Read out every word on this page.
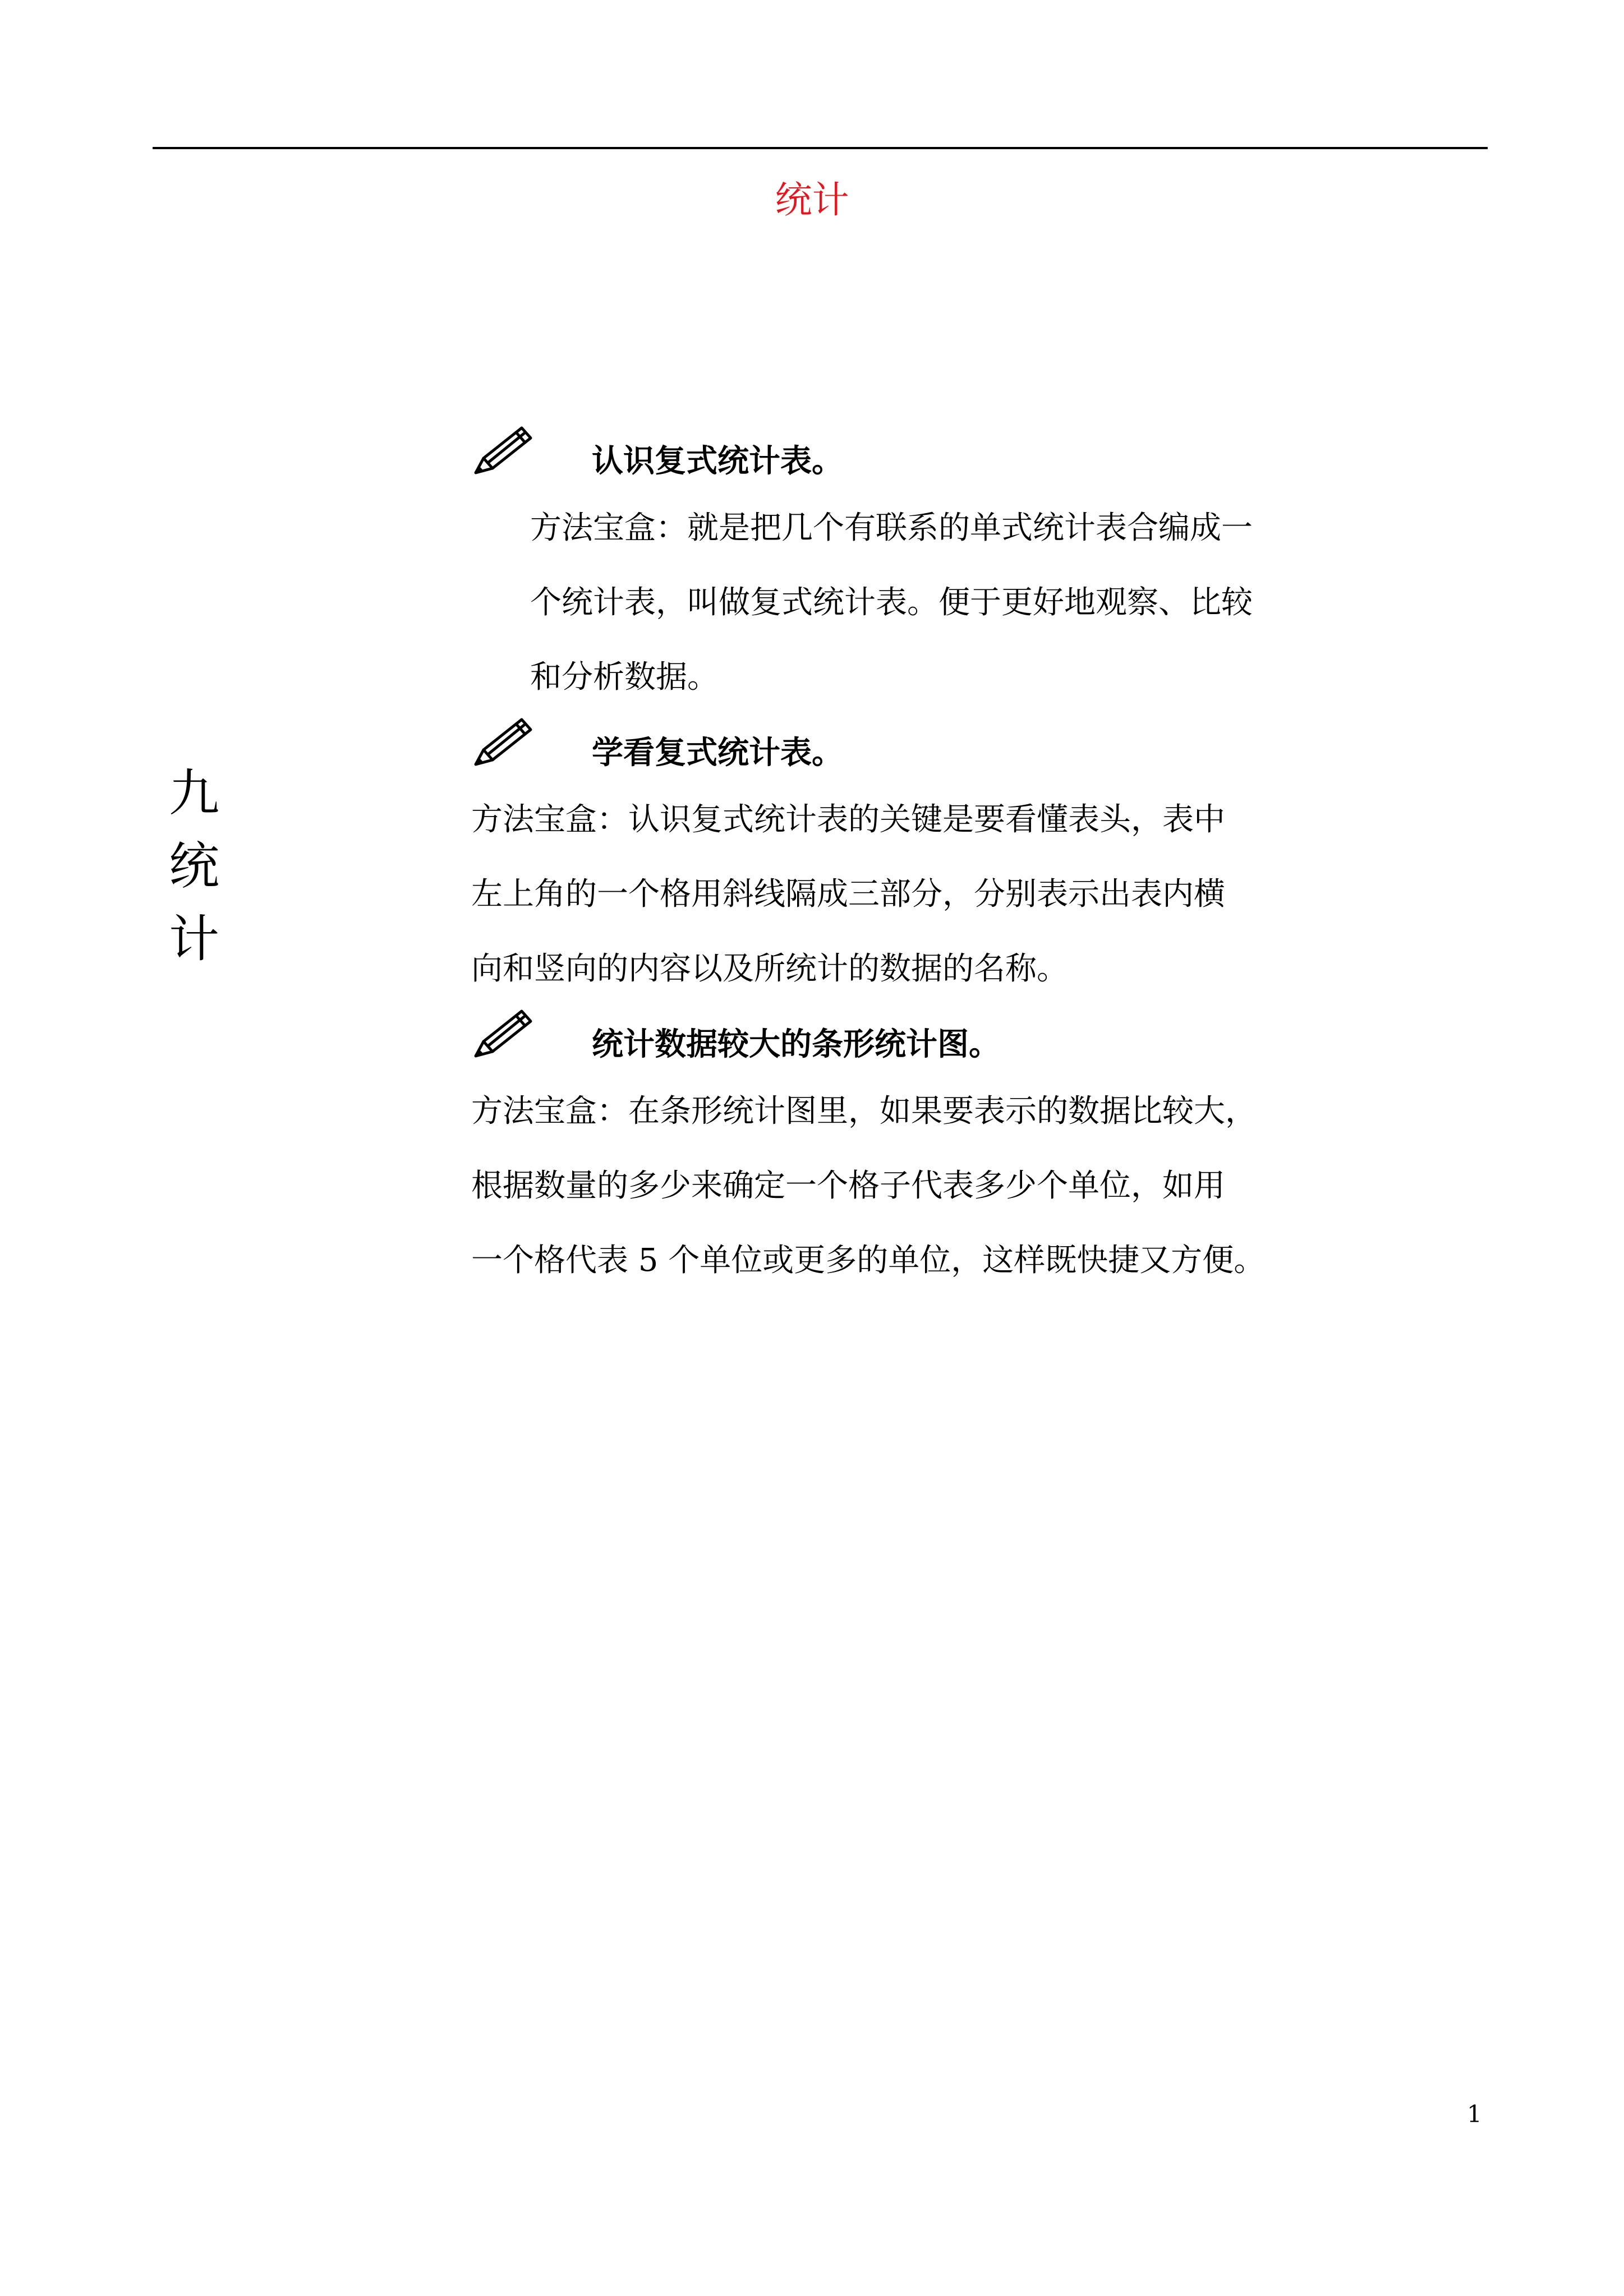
统计
九
统
计
认识复式统计表。
方法宝盒：就是把几个有联系的单式统计表合编成一
个统计表，叫做复式统计表。便于更好地观察、比较
和分析数据。
学看复式统计表。
方法宝盒：认识复式统计表的关键是要看懂表头，表中
左上角的一个格用斜线隔成三部分，分别表示出表内横
向和竖向的内容以及所统计的数据的名称。
统计数据较大的条形统计图。
方法宝盒：在条形统计图里，如果要表示的数据比较大，
根据数量的多少来确定一个格子代表多少个单位，如用
一个格代表 5 个单位或更多的单位，这样既快捷又方便。
1
